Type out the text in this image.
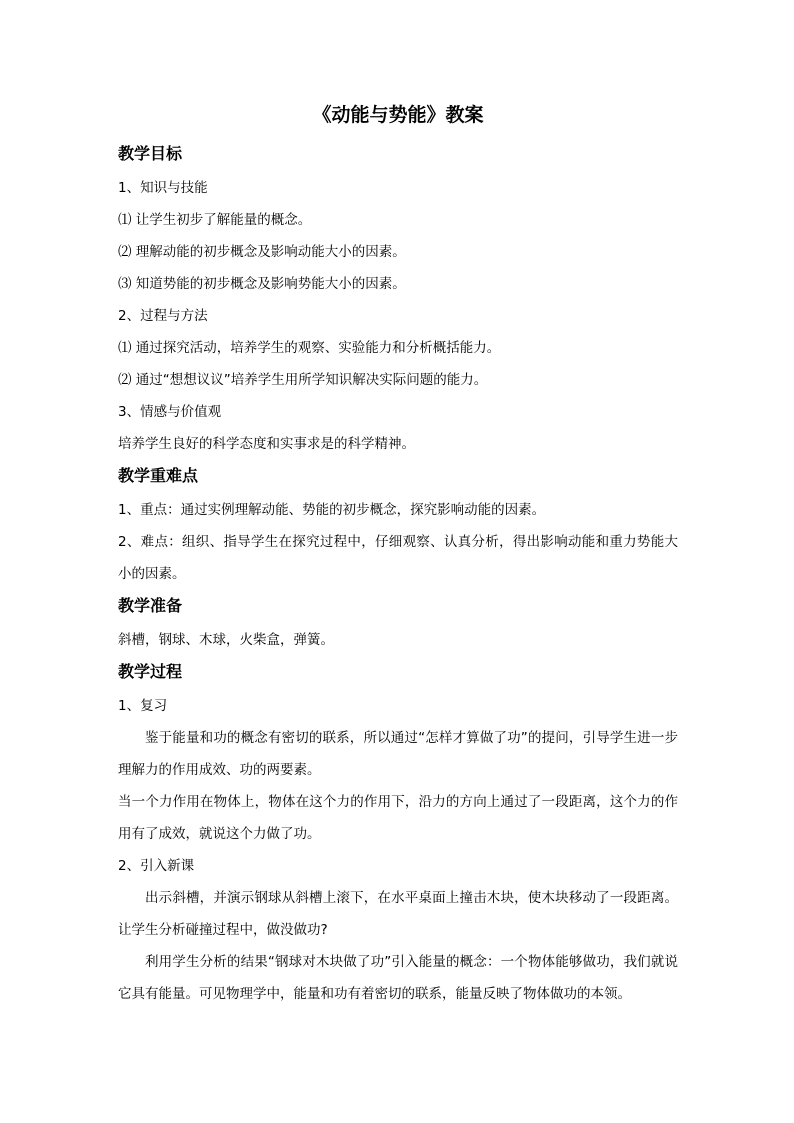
《动能与势能》教案
教学目标

1、知识与技能

⑴ 让学生初步了解能量的概念。

⑵ 理解动能的初步概念及影响动能大小的因素。

⑶ 知道势能的初步概念及影响势能大小的因素。

2、过程与方法

⑴ 通过探究活动，培养学生的观察、实验能力和分析概括能力。

⑵ 通过“想想议议”培养学生用所学知识解决实际问题的能力。

3、情感与价值观

培养学生良好的科学态度和实事求是的科学精神。

教学重难点

1、重点：通过实例理解动能、势能的初步概念，探究影响动能的因素。

2、难点：组织、指导学生在探究过程中，仔细观察、认真分析，得出影响动能和重力势能大小的因素。

教学准备

斜槽，钢球、木球，火柴盒，弹簧。

教学过程

1、复习

鉴于能量和功的概念有密切的联系，所以通过“怎样才算做了功”的提问，引导学生进一步理解力的作用成效、功的两要素。

当一个力作用在物体上，物体在这个力的作用下，沿力的方向上通过了一段距离，这个力的作用有了成效，就说这个力做了功。

2、引入新课

出示斜槽，并演示钢球从斜槽上滚下，在水平桌面上撞击木块，使木块移动了一段距离。让学生分析碰撞过程中，做没做功?

利用学生分析的结果“钢球对木块做了功”引入能量的概念：一个物体能够做功，我们就说它具有能量。可见物理学中，能量和功有着密切的联系，能量反映了物体做功的本领。
